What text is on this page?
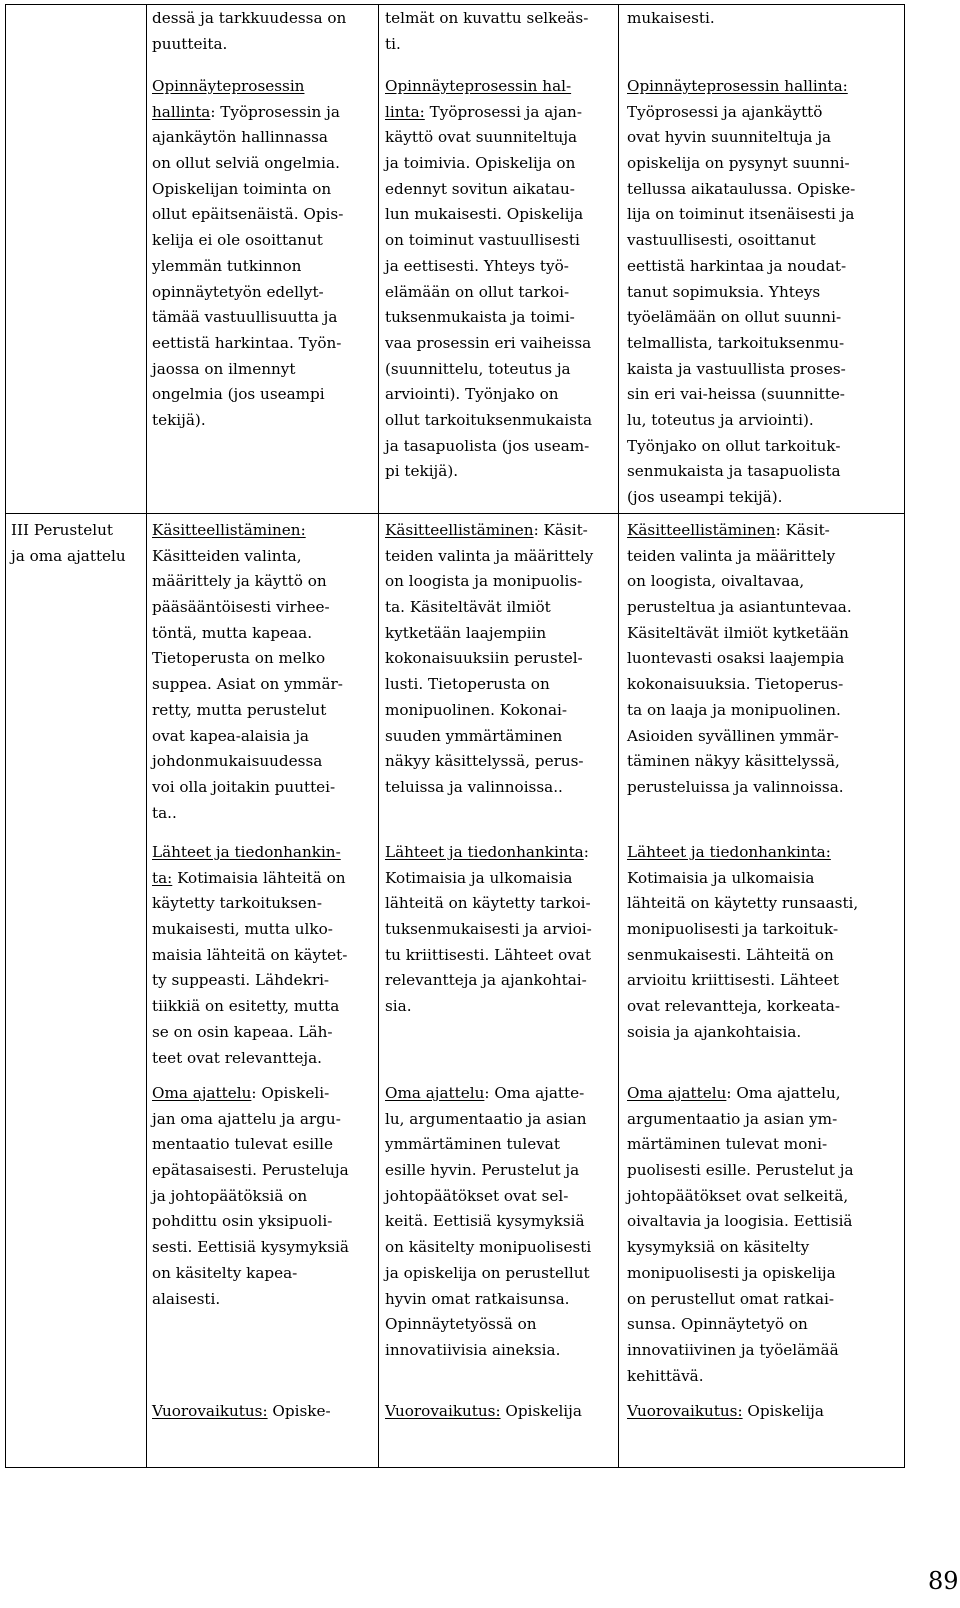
III Perustelut
ja oma ajattelu
dessä ja tarkkuudessa on
puutteita.
Opinnäyteprosessin
hallinta: Työprosessin ja
ajankäytön hallinnassa
on ollut selviä ongelmia.
Opiskelijan toiminta on
ollut epäitsenäistä. Opis-
kelija ei ole osoittanut
ylemmän tutkinnon
opinnäytetyön edellyt-
tämää vastuullisuutta ja
eettistä harkintaa. Työn-
jaossa on ilmennyt
ongelmia (jos useampi
tekijä).
Käsitteellistäminen:
Käsitteiden valinta,
määrittely ja käyttö on
pääsääntöisesti virhee-
töntä, mutta kapeaa.
Tietoperusta on melko
suppea. Asiat on ymmär-
retty, mutta perustelut
ovat kapea-alaisia ja
johdonmukaisuudessa
voi olla joitakin puuttei-
ta..
Lähteet ja tiedonhankin-
ta: Kotimaisia lähteitä on
käytetty tarkoituksen-
mukaisesti, mutta ulko-
maisia lähteitä on käytet-
ty suppeasti. Lähdekri-
tiikkiä on esitetty, mutta
se on osin kapeaa. Läh-
teet ovat relevantteja.
Oma ajattelu: Opiskeli-
jan oma ajattelu ja argu-
mentaatio tulevat esille
epätasaisesti. Perusteluja
ja johtopäätöksiä on
pohdittu osin yksipuoli-
sesti. Eettisiä kysymyksiä
on käsitelty kapea-
alaisesti.
Vuorovaikutus: Opiske-
telmät on kuvattu selkeäs-
ti.
Opinnäyteprosessin hal-
linta: Työprosessi ja ajan-
käyttö ovat suunniteltuja
ja toimivia. Opiskelija on
edennyt sovitun aikatau-
lun mukaisesti. Opiskelija
on toiminut vastuullisesti
ja eettisesti. Yhteys työ-
elämään on ollut tarkoi-
tuksenmukaista ja toimi-
vaa prosessin eri vaiheissa
(suunnittelu, toteutus ja
arviointi). Työnjako on
ollut tarkoituksenmukaista
ja tasapuolista (jos useam-
pi tekijä).
Käsitteellistäminen: Käsit-
teiden valinta ja määrittely
on loogista ja monipuolis-
ta. Käsiteltävät ilmiöt
kytketään laajempiin
kokonaisuuksiin perustel-
lusti. Tietoperusta on
monipuolinen. Kokonai-
suuden ymmärtäminen
näkyy käsittelyssä, perus-
teluissa ja valinnoissa..
Lähteet ja tiedonhankinta:
Kotimaisia ja ulkomaisia
lähteitä on käytetty tarkoi-
tuksenmukaisesti ja arvioi-
tu kriittisesti. Lähteet ovat
relevantteja ja ajankohtai-
sia.
Oma ajattelu: Oma ajatte-
lu, argumentaatio ja asian
ymmärtäminen tulevat
esille hyvin. Perustelut ja
johtopäätökset ovat sel-
keitä. Eettisiä kysymyksiä
on käsitelty monipuolisesti
ja opiskelija on perustellut
hyvin omat ratkaisunsa.
Opinnäytetyössä on
innovatiivisia aineksia.
Vuorovaikutus: Opiskelija
mukaisesti.
Opinnäyteprosessin hallinta:
Työprosessi ja ajankäyttö
ovat hyvin suunniteltuja ja
opiskelija on pysynyt suunni-
tellussa aikataulussa. Opiske-
lija on toiminut itsenäisesti ja
vastuullisesti, osoittanut
eettistä harkintaa ja noudat-
tanut sopimuksia. Yhteys
työelämään on ollut suunni-
telmallista, tarkoituksenmu-
kaista ja vastuullista proses-
sin eri vai-heissa (suunnitte-
lu, toteutus ja arviointi).
Työnjako on ollut tarkoituk-
senmukaista ja tasapuolista
(jos useampi tekijä).
Käsitteellistäminen: Käsit-
teiden valinta ja määrittely
on loogista, oivaltavaa,
perusteltua ja asiantuntevaa.
Käsiteltävät ilmiöt kytketään
luontevasti osaksi laajempia
kokonaisuuksia. Tietoperus-
ta on laaja ja monipuolinen.
Asioiden syvällinen ymmär-
täminen näkyy käsittelyssä,
perusteluissa ja valinnoissa.
Lähteet ja tiedonhankinta:
Kotimaisia ja ulkomaisia
lähteitä on käytetty runsaasti,
monipuolisesti ja tarkoituk-
senmukaisesti. Lähteitä on
arvioitu kriittisesti. Lähteet
ovat relevantteja, korkeata-
soisia ja ajankohtaisia.
Oma ajattelu: Oma ajattelu,
argumentaatio ja asian ym-
märtäminen tulevat moni-
puolisesti esille. Perustelut ja
johtopäätökset ovat selkeitä,
oivaltavia ja loogisia. Eettisiä
kysymyksiä on käsitelty
monipuolisesti ja opiskelija
on perustellut omat ratkai-
sunsa. Opinnäytetyö on
innovatiivinen ja työelämää
kehittävä.
Vuorovaikutus: Opiskelija
89
